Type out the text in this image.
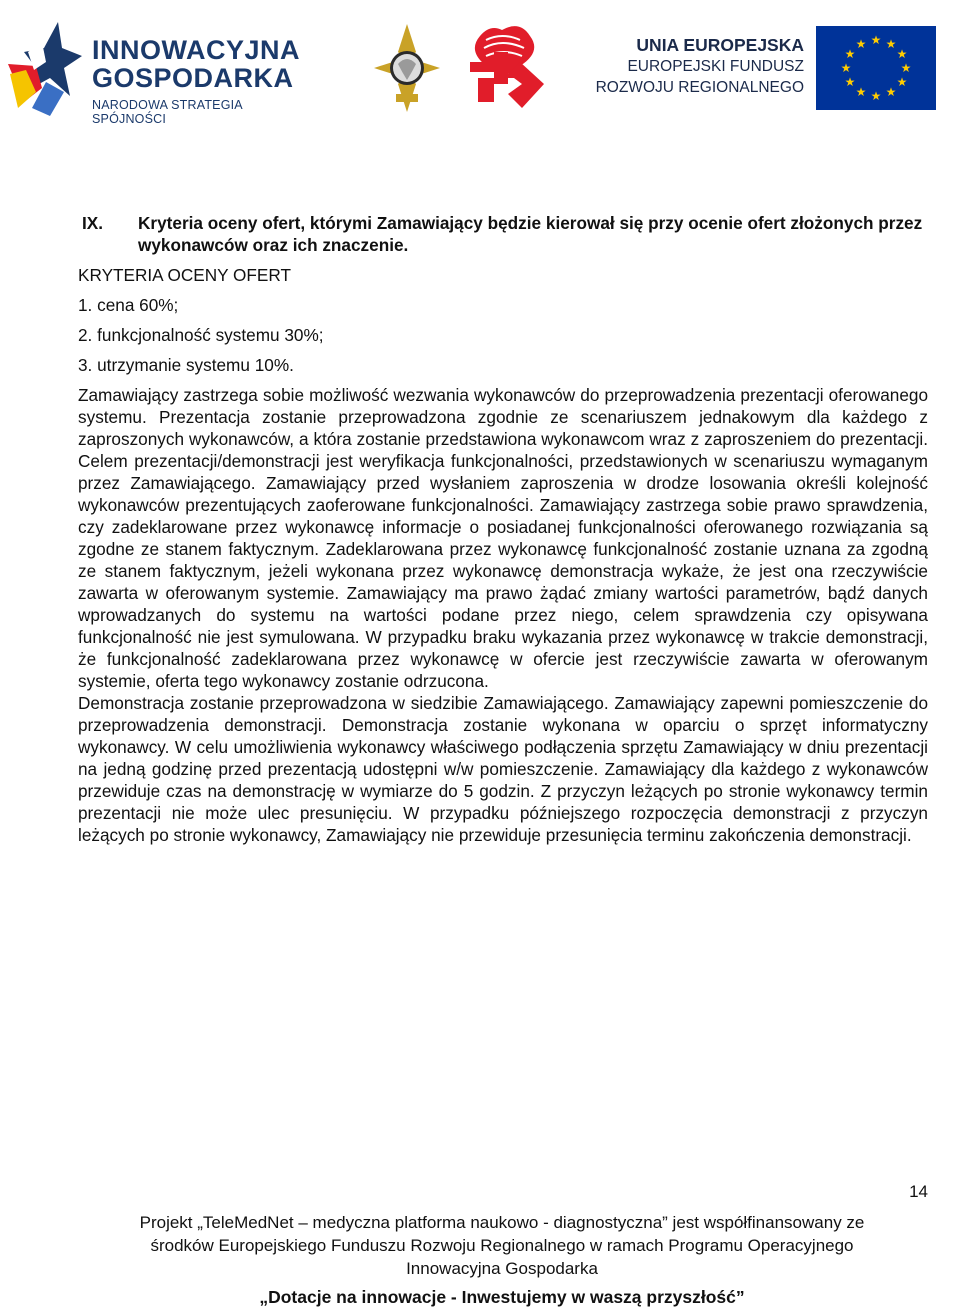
INNOWACYJNA
GOSPODARKA
NARODOWA STRATEGIA SPÓJNOŚCI
UNIA EUROPEJSKA
EUROPEJSKI FUNDUSZ
ROZWOJU REGIONALNEGO
★ ★
★
★
★
★
★
★
★
★
★
★
IX. Kryteria oceny ofert, którymi Zamawiający będzie kierował się przy ocenie ofert złożonych przez wykonawców oraz ich znaczenie.
KRYTERIA OCENY OFERT
1. cena 60%;
2. funkcjonalność systemu 30%;
3. utrzymanie systemu 10%.

Zamawiający zastrzega sobie możliwość wezwania wykonawców do przeprowadzenia prezentacji oferowanego systemu. Prezentacja zostanie przeprowadzona zgodnie ze scenariuszem jednakowym dla każdego z zaproszonych wykonawców, a która zostanie przedstawiona wykonawcom wraz z zaproszeniem do prezentacji. Celem prezentacji/demonstracji jest weryfikacja funkcjonalności, przedstawionych w scenariuszu wymaganym przez Zamawiającego. Zamawiający przed wysłaniem zaproszenia w drodze losowania określi kolejność wykonawców prezentujących zaoferowane funkcjonalności. Zamawiający zastrzega sobie prawo sprawdzenia, czy zadeklarowane przez wykonawcę informacje o posiadanej funkcjonalności oferowanego rozwiązania są zgodne ze stanem faktycznym. Zadeklarowana przez wykonawcę funkcjonalność zostanie uznana za zgodną ze stanem faktycznym, jeżeli wykonana przez wykonawcę demonstracja wykaże, że jest ona rzeczywiście zawarta w oferowanym systemie. Zamawiający ma prawo żądać zmiany wartości parametrów, bądź danych wprowadzanych do systemu na wartości podane przez niego, celem sprawdzenia czy opisywana funkcjonalność nie jest symulowana. W przypadku braku wykazania przez wykonawcę w trakcie demonstracji, że funkcjonalność zadeklarowana przez wykonawcę w ofercie jest rzeczywiście zawarta w oferowanym systemie, oferta tego wykonawcy zostanie odrzucona.

Demonstracja zostanie przeprowadzona w siedzibie Zamawiającego. Zamawiający zapewni pomieszczenie do przeprowadzenia demonstracji. Demonstracja zostanie wykonana w oparciu o sprzęt informatyczny wykonawcy. W celu umożliwienia wykonawcy właściwego podłączenia sprzętu Zamawiający w dniu prezentacji na jedną godzinę przed prezentacją udostępni w/w pomieszczenie. Zamawiający dla każdego z wykonawców przewiduje czas na demonstrację w wymiarze do 5 godzin. Z przyczyn leżących po stronie wykonawcy termin prezentacji nie może ulec presunięciu. W przypadku późniejszego rozpoczęcia demonstracji z przyczyn leżących po stronie wykonawcy, Zamawiający nie przewiduje przesunięcia terminu zakończenia demonstracji.

14
Projekt „TeleMedNet – medyczna platforma naukowo - diagnostyczna” jest współfinansowany ze
środków Europejskiego Funduszu Rozwoju Regionalnego w ramach Programu Operacyjnego
Innowacyjna Gospodarka
„Dotacje na innowacje - Inwestujemy w waszą przyszłość”
